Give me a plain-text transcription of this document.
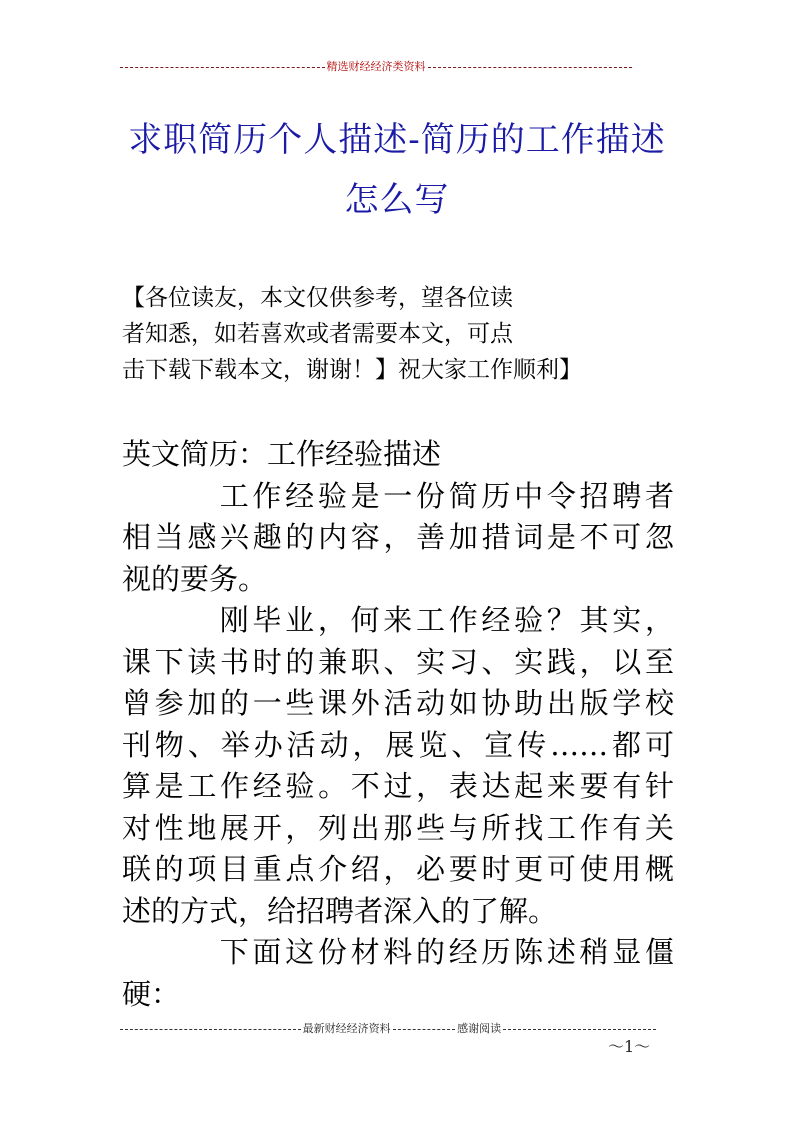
精选财经经济类资料
求职简历个人描述-简历的工作描述
怎么写
【各位读友，本文仅供参考，望各位读
者知悉，如若喜欢或者需要本文，可点
击下载下载本文，谢谢！】祝大家工作顺利】
英文简历：工作经验描述
工作经验是一份简历中令招聘者
相当感兴趣的内容，善加措词是不可忽
视的要务。
刚毕业，何来工作经验？其实，
课下读书时的兼职、实习、实践，以至
曾参加的一些课外活动如协助出版学校
刊物、举办活动，展览、宣传……都可
算是工作经验。不过，表达起来要有针
对性地展开，列出那些与所找工作有关
联的项目重点介绍，必要时更可使用概
述的方式，给招聘者深入的了解。
下面这份材料的经历陈述稍显僵
硬：
最新财经经济资料	感谢阅读
～1～
